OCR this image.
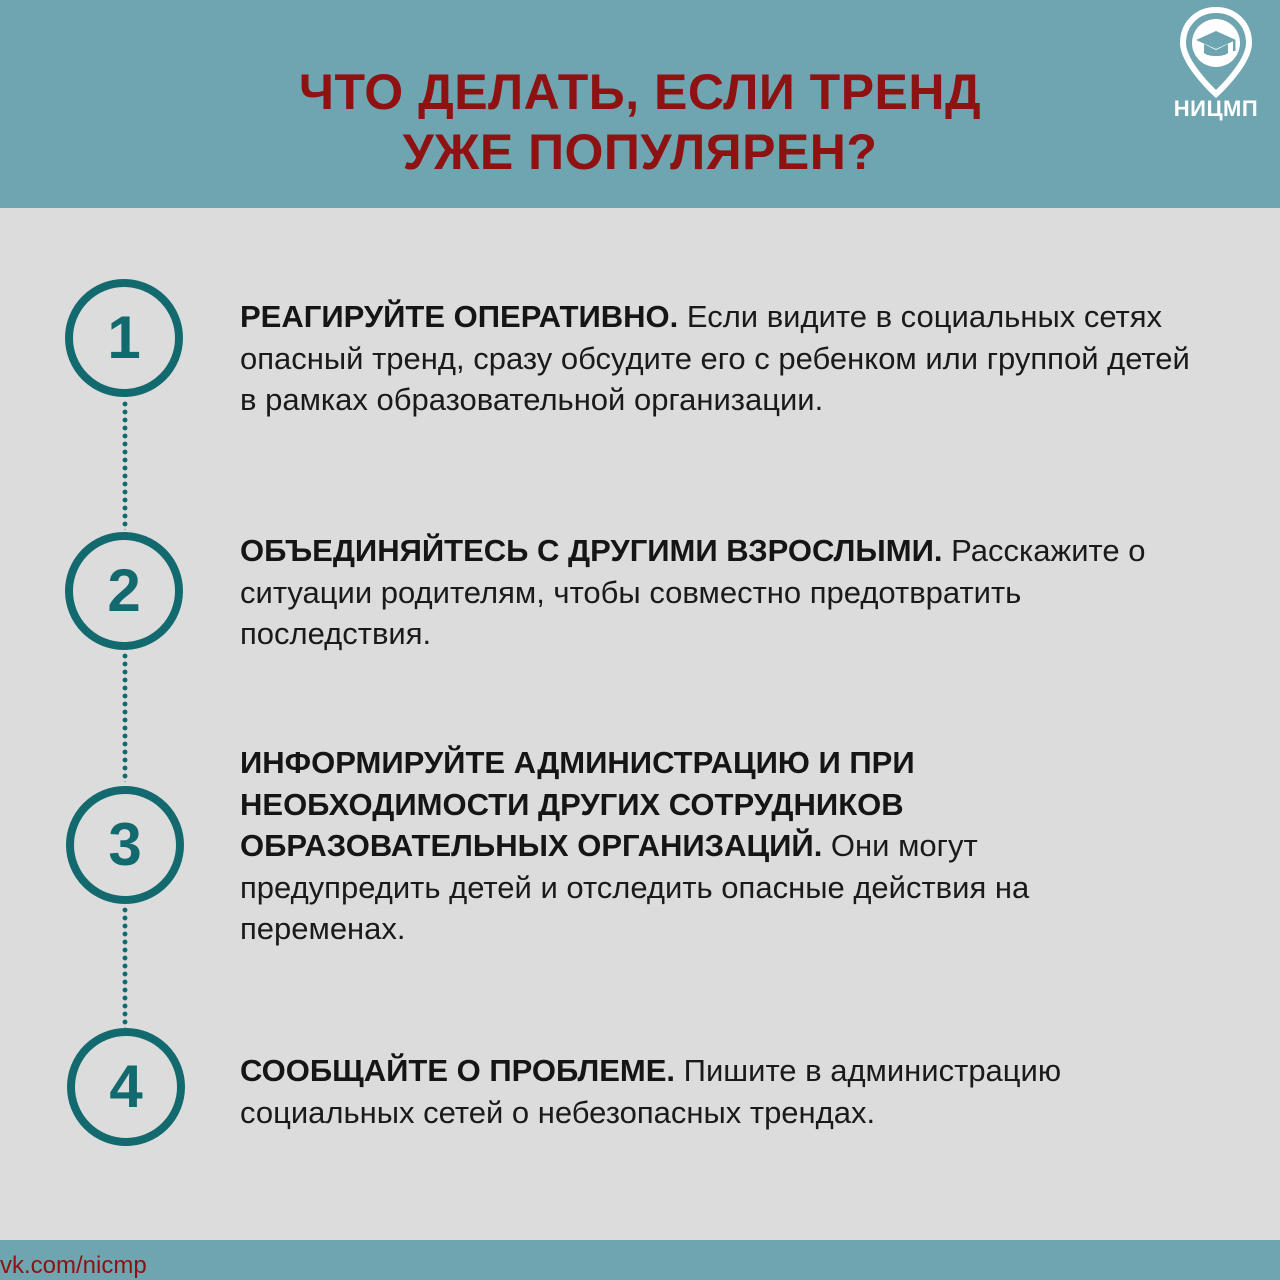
ЧТО ДЕЛАТЬ, ЕСЛИ ТРЕНД
УЖЕ ПОПУЛЯРЕН?
НИЦМП
1
2
3
4
РЕАГИРУЙТЕ ОПЕРАТИВНО. Если видите в социальных сетях опасный тренд, сразу обсудите его с ребенком или группой детей в рамках образовательной организации.
ОБЪЕДИНЯЙТЕСЬ С ДРУГИМИ ВЗРОСЛЫМИ. Расскажите о ситуации родителям, чтобы совместно предотвратить последствия.
ИНФОРМИРУЙТЕ АДМИНИСТРАЦИЮ И ПРИ НЕОБХОДИМОСТИ ДРУГИХ СОТРУДНИКОВ ОБРАЗОВАТЕЛЬНЫХ ОРГАНИЗАЦИЙ. Они могут предупредить детей и отследить опасные действия на переменах.
СООБЩАЙТЕ О ПРОБЛЕМЕ. Пишите в администрацию социальных сетей о небезопасных трендах.
vk.com/nicmp
